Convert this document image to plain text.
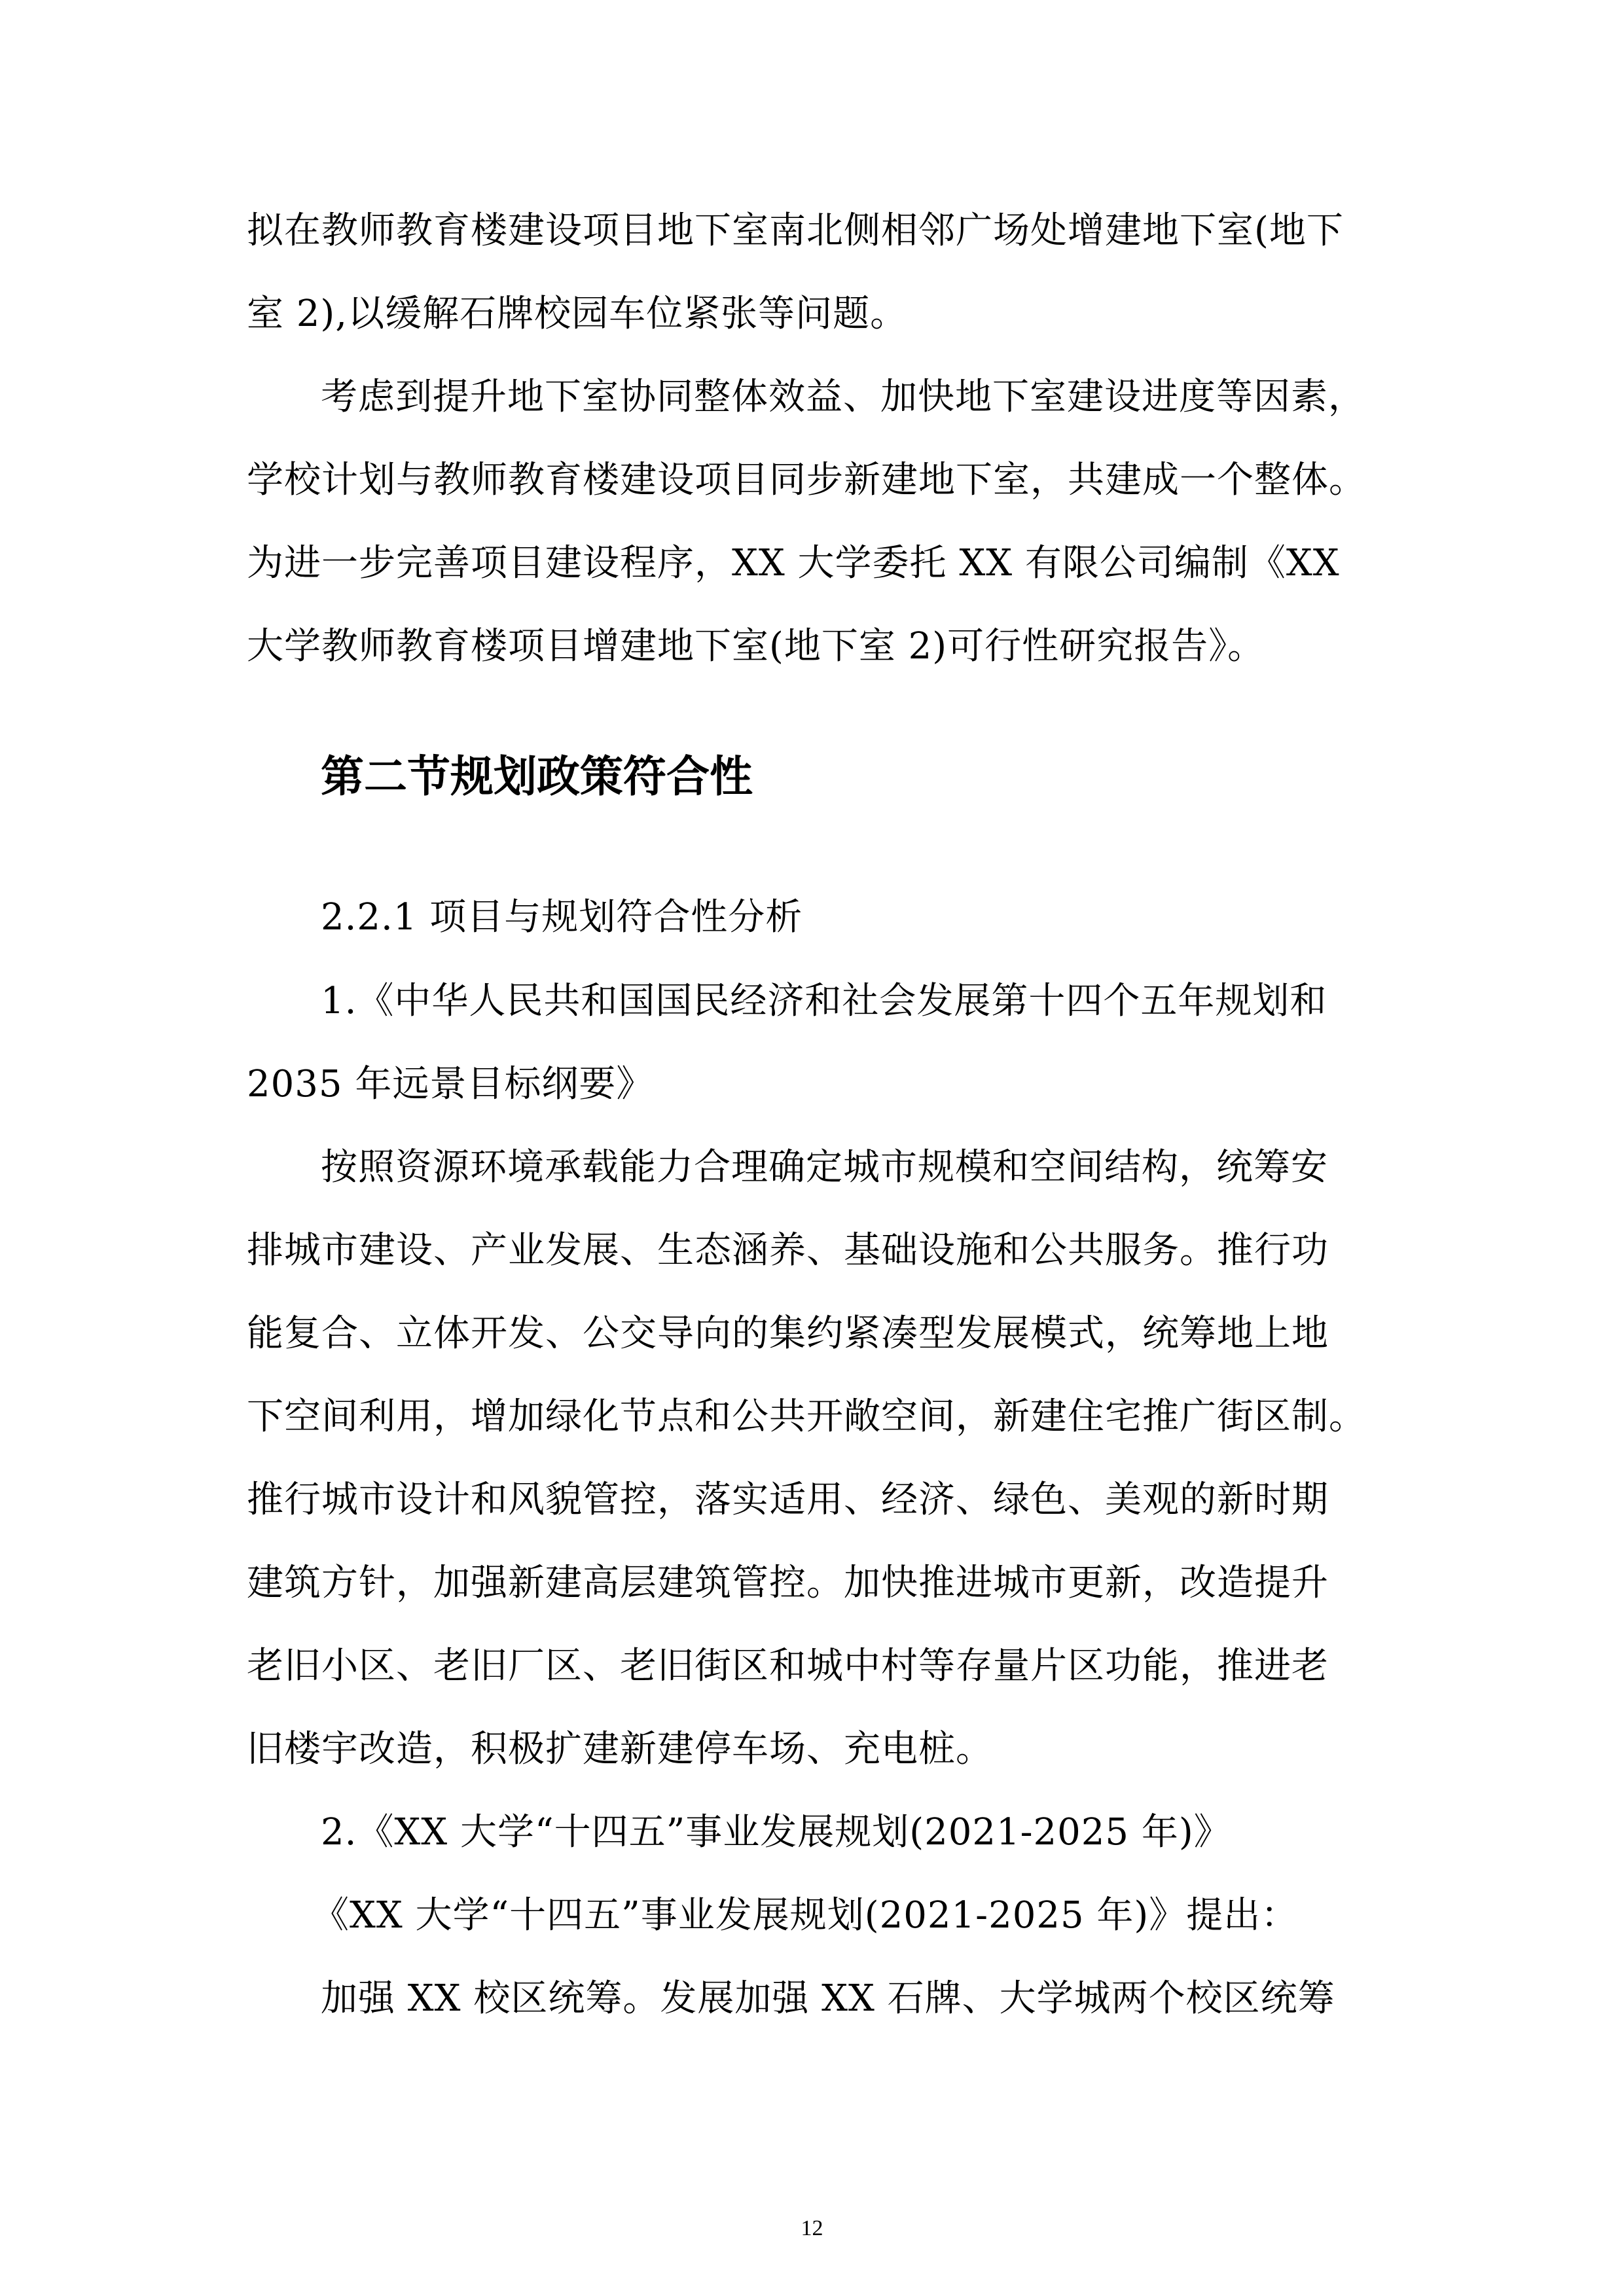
拟在教师教育楼建设项目地下室南北侧相邻广场处增建地下室(地下
室 2),以缓解石牌校园车位紧张等问题。
考虑到提升地下室协同整体效益、加快地下室建设进度等因素，
学校计划与教师教育楼建设项目同步新建地下室，共建成一个整体。
为进一步完善项目建设程序，XX 大学委托 XX 有限公司编制《XX
大学教师教育楼项目增建地下室(地下室 2)可行性研究报告》。
第二节规划政策符合性
2.2.1 项目与规划符合性分析
1.《中华人民共和国国民经济和社会发展第十四个五年规划和
2035 年远景目标纲要》
按照资源环境承载能力合理确定城市规模和空间结构，统筹安
排城市建设、产业发展、生态涵养、基础设施和公共服务。推行功
能复合、立体开发、公交导向的集约紧凑型发展模式，统筹地上地
下空间利用，增加绿化节点和公共开敞空间，新建住宅推广街区制。
推行城市设计和风貌管控，落实适用、经济、绿色、美观的新时期
建筑方针，加强新建高层建筑管控。加快推进城市更新，改造提升
老旧小区、老旧厂区、老旧街区和城中村等存量片区功能，推进老
旧楼宇改造，积极扩建新建停车场、充电桩。
2.《XX 大学“十四五”事业发展规划(2021-2025 年)》
《XX 大学“十四五”事业发展规划(2021-2025 年)》提出：
加强 XX 校区统筹。发展加强 XX 石牌、大学城两个校区统筹
12
